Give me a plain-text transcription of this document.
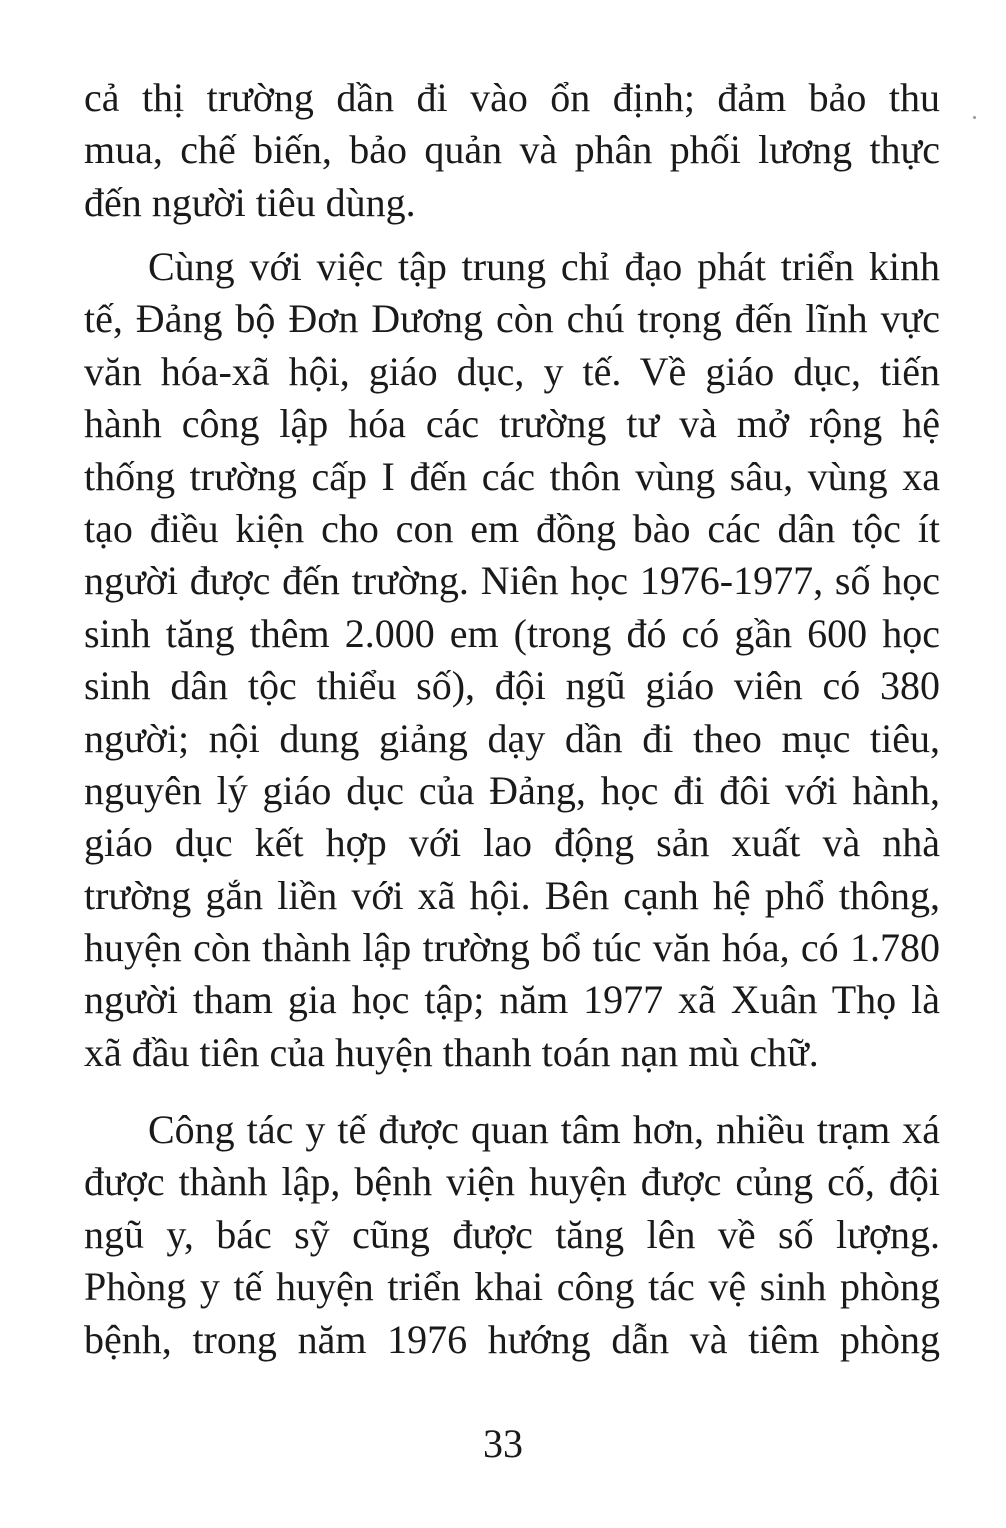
cả thị trường dần đi vào ổn định; đảm bảo thu
mua, chế biến, bảo quản và phân phối lương thực
đến người tiêu dùng.
Cùng với việc tập trung chỉ đạo phát triển kinh
tế, Đảng bộ Đơn Dương còn chú trọng đến lĩnh vực
văn hóa-xã hội, giáo dục, y tế. Về giáo dục, tiến
hành công lập hóa các trường tư và mở rộng hệ
thống trường cấp I đến các thôn vùng sâu, vùng xa
tạo điều kiện cho con em đồng bào các dân tộc ít
người được đến trường. Niên học 1976-1977, số học
sinh tăng thêm 2.000 em (trong đó có gần 600 học
sinh dân tộc thiểu số), đội ngũ giáo viên có 380
người; nội dung giảng dạy dần đi theo mục tiêu,
nguyên lý giáo dục của Đảng, học đi đôi với hành,
giáo dục kết hợp với lao động sản xuất và nhà
trường gắn liền với xã hội. Bên cạnh hệ phổ thông,
huyện còn thành lập trường bổ túc văn hóa, có 1.780
người tham gia học tập; năm 1977 xã Xuân Thọ là
xã đầu tiên của huyện thanh toán nạn mù chữ.
Công tác y tế được quan tâm hơn, nhiều trạm xá
được thành lập, bệnh viện huyện được củng cố, đội
ngũ y, bác sỹ cũng được tăng lên về số lượng.
Phòng y tế huyện triển khai công tác vệ sinh phòng
bệnh, trong năm 1976 hướng dẫn và tiêm phòng
33
